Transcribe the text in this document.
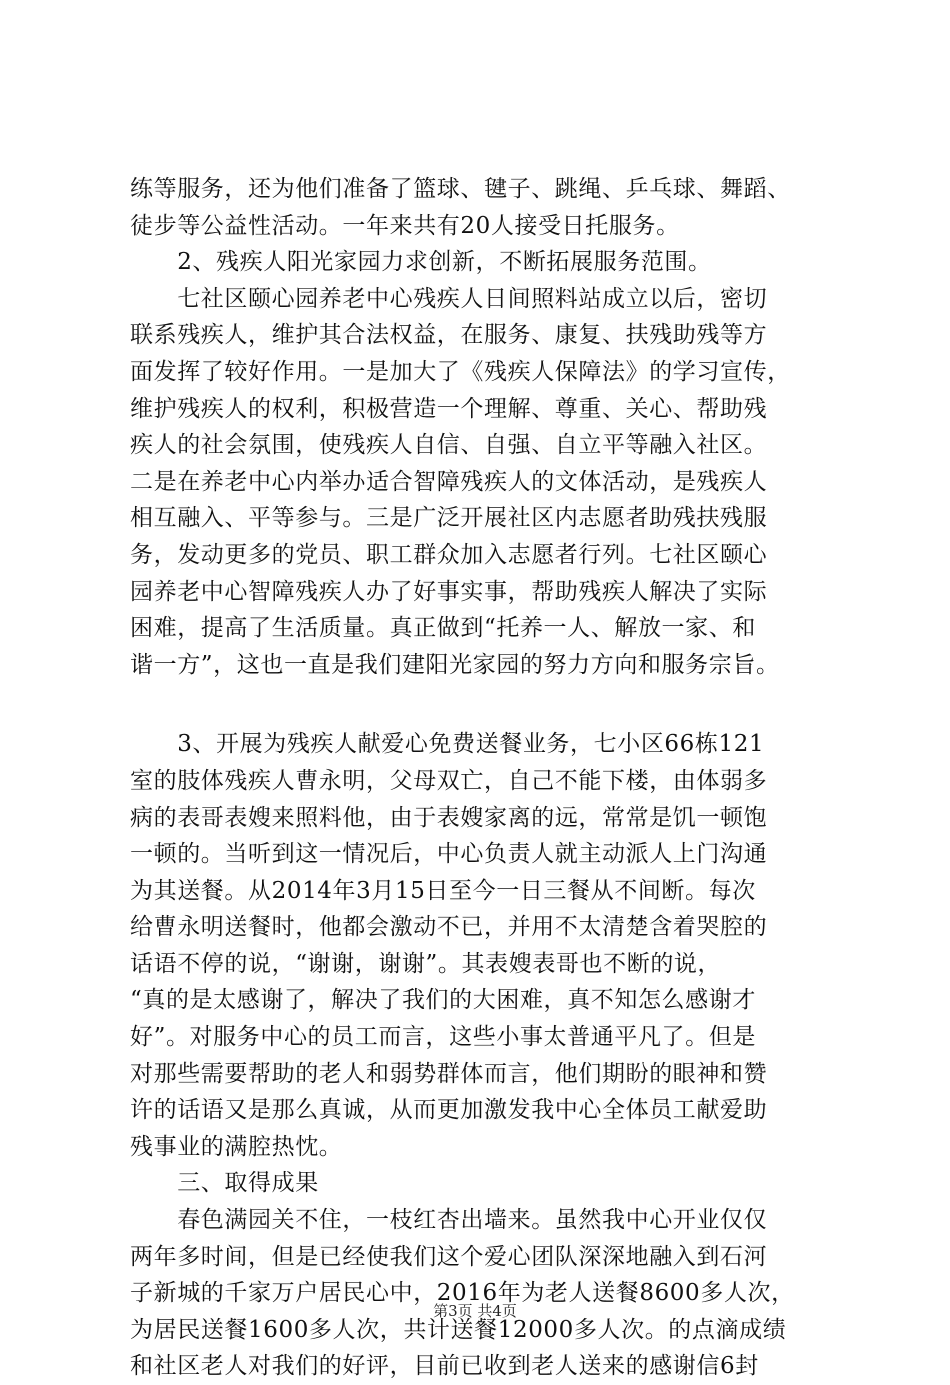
练等服务，还为他们准备了篮球、毽子、跳绳、乒乓球、舞蹈、
徒步等公益性活动。一年来共有20人接受日托服务。
　　2、残疾人阳光家园力求创新，不断拓展服务范围。
　　七社区颐心园养老中心残疾人日间照料站成立以后，密切
联系残疾人，维护其合法权益，在服务、康复、扶残助残等方
面发挥了较好作用。一是加大了《残疾人保障法》的学习宣传，
维护残疾人的权利，积极营造一个理解、尊重、关心、帮助残
疾人的社会氛围，使残疾人自信、自强、自立平等融入社区。
二是在养老中心内举办适合智障残疾人的文体活动，是残疾人
相互融入、平等参与。三是广泛开展社区内志愿者助残扶残服
务，发动更多的党员、职工群众加入志愿者行列。七社区颐心
园养老中心智障残疾人办了好事实事，帮助残疾人解决了实际
困难，提高了生活质量。真正做到“托养一人、解放一家、和
谐一方”，这也一直是我们建阳光家园的努力方向和服务宗旨。
　　3、开展为残疾人献爱心免费送餐业务，七小区66栋121
室的肢体残疾人曹永明，父母双亡，自己不能下楼，由体弱多
病的表哥表嫂来照料他，由于表嫂家离的远，常常是饥一顿饱
一顿的。当听到这一情况后，中心负责人就主动派人上门沟通
为其送餐。从2014年3月15日至今一日三餐从不间断。每次
给曹永明送餐时，他都会激动不已，并用不太清楚含着哭腔的
话语不停的说，“谢谢，谢谢”。其表嫂表哥也不断的说，
“真的是太感谢了，解决了我们的大困难，真不知怎么感谢才
好”。对服务中心的员工而言，这些小事太普通平凡了。但是
对那些需要帮助的老人和弱势群体而言，他们期盼的眼神和赞
许的话语又是那么真诚，从而更加激发我中心全体员工献爱助
残事业的满腔热忱。
　　三、取得成果
　　春色满园关不住，一枝红杏出墙来。虽然我中心开业仅仅
两年多时间，但是已经使我们这个爱心团队深深地融入到石河
子新城的千家万户居民心中，2016年为老人送餐8600多人次，
为居民送餐1600多人次，共计送餐12000多人次。的点滴成绩
和社区老人对我们的好评，目前已收到老人送来的感谢信6封
第3页 共4页
